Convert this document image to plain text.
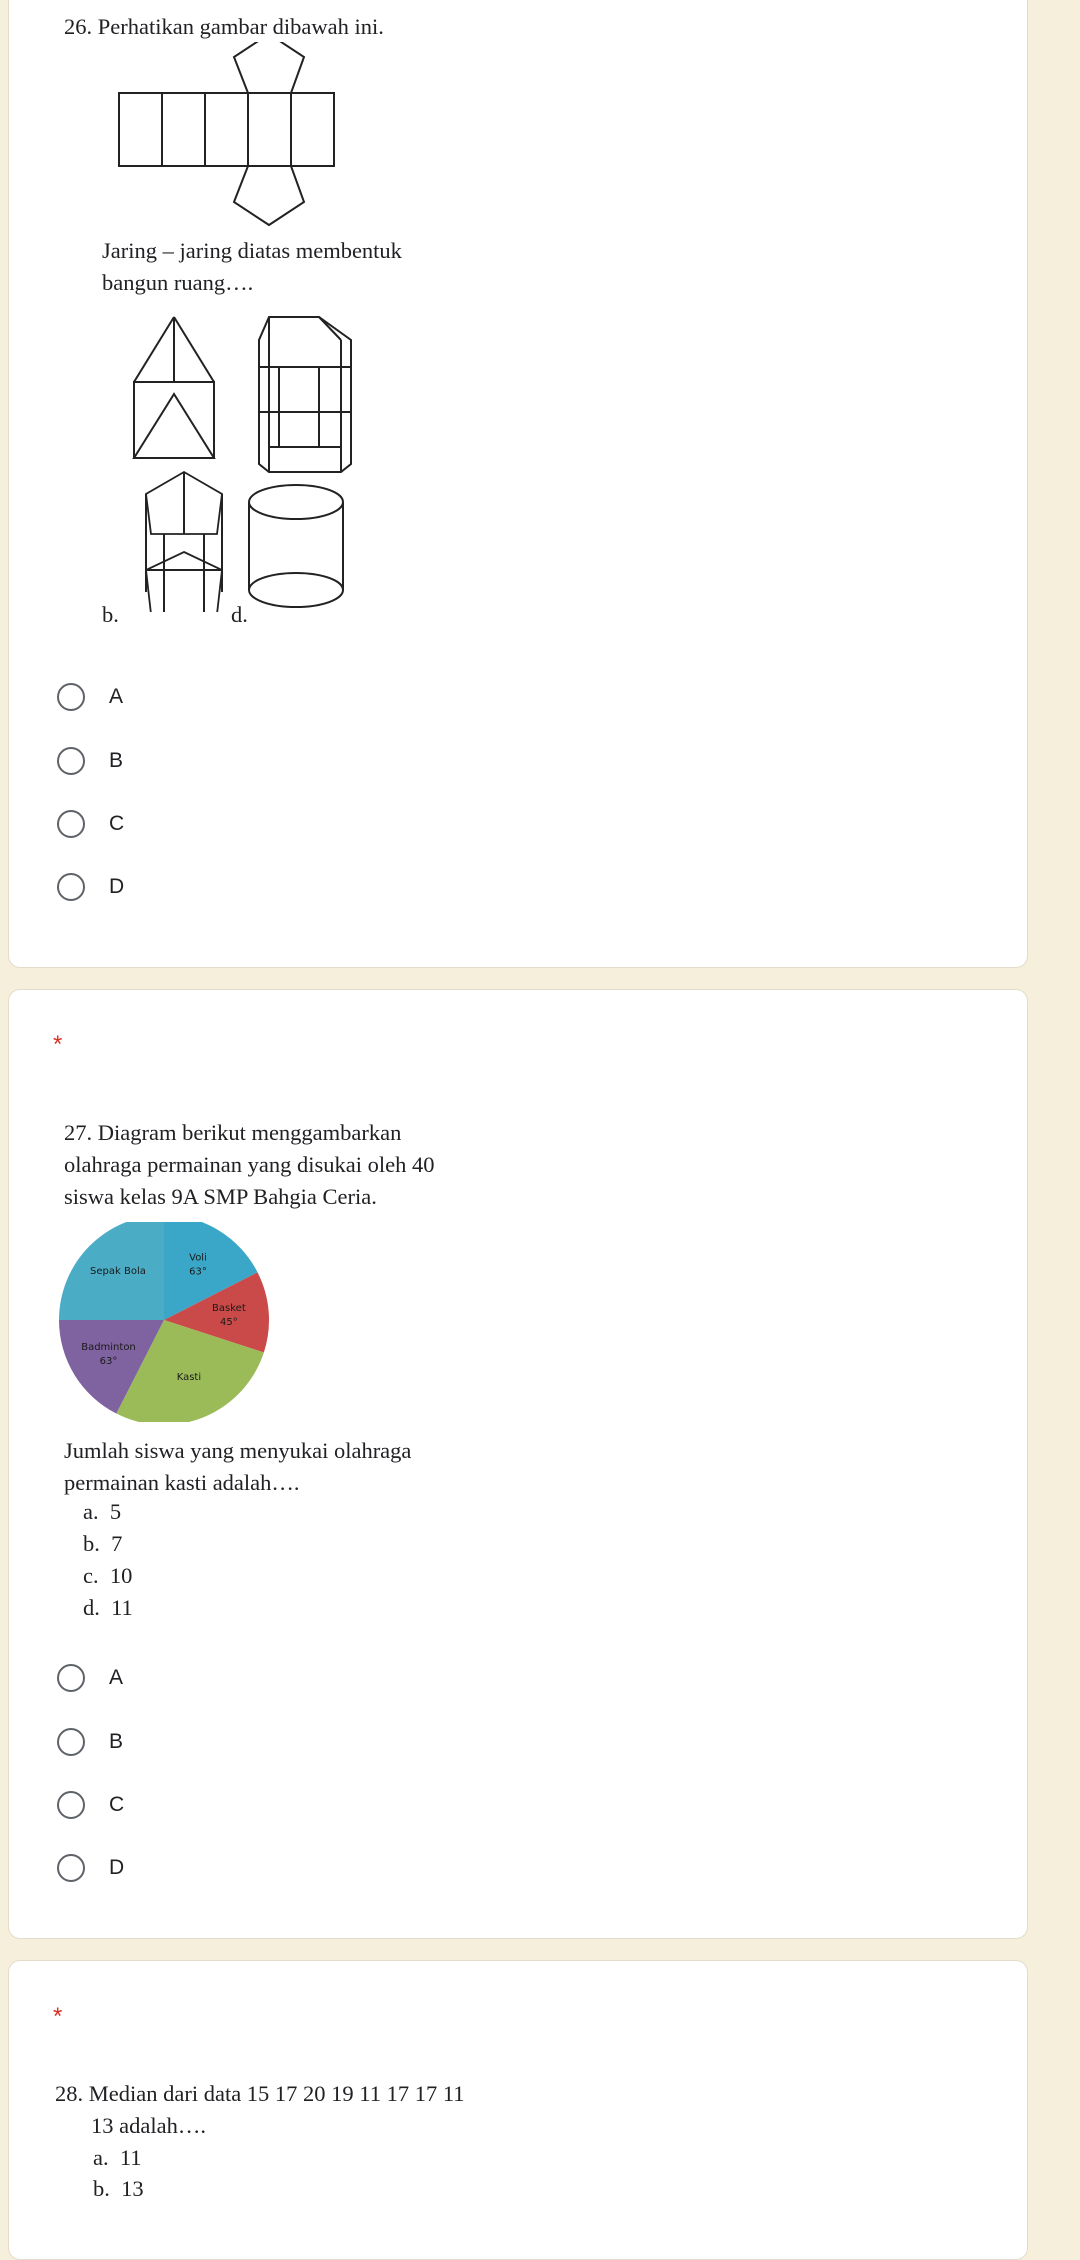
26. Perhatikan gambar dibawah ini.
Jaring – jaring diatas membentuk
bangun ruang….
b.	d.
A
B
C
D
*
27. Diagram berikut menggambarkan
olahraga permainan yang disukai oleh 40
siswa kelas 9A SMP Bahgia Ceria.
Voli
63°
Basket
45°
Kasti
Badminton
63°
Sepak Bola
Jumlah siswa yang menyukai olahraga
permainan kasti adalah….
a. 5
b. 7
c. 10
d. 11
A
B
C
D
*
28. Median dari data 15 17 20 19 11 17 17 11
13 adalah….
a. 11
b. 13
